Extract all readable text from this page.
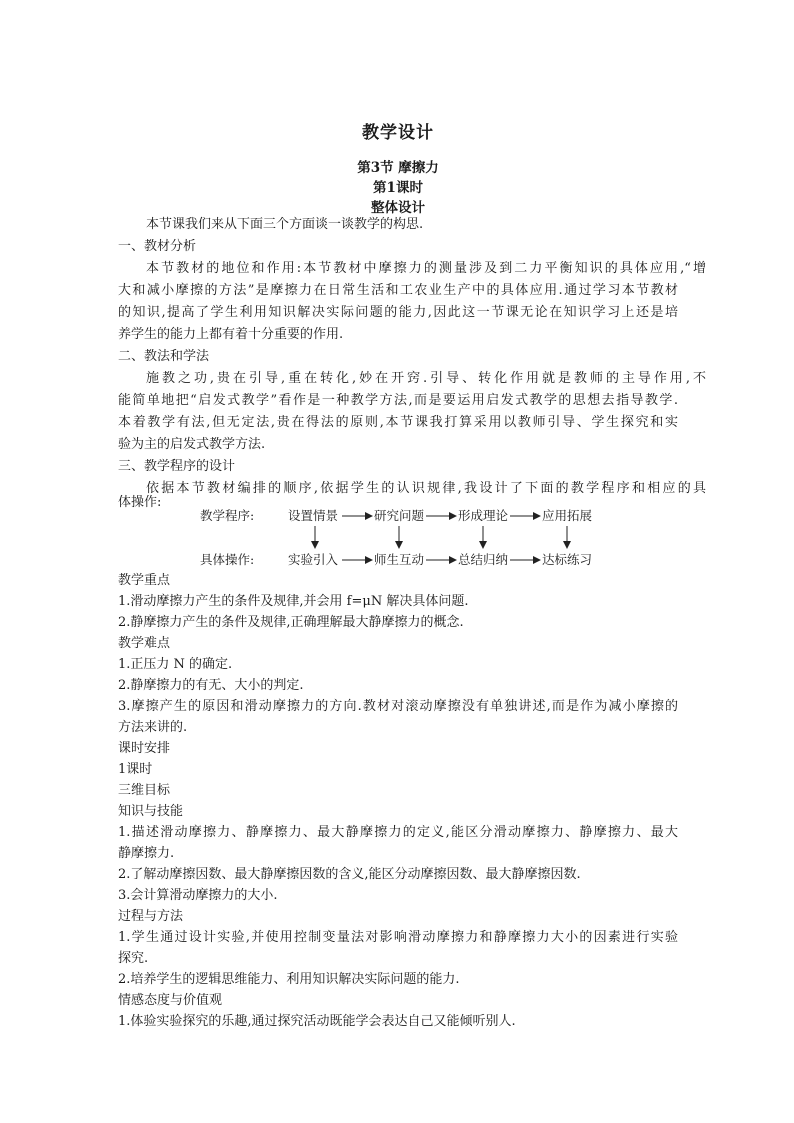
教学设计
第3节 摩擦力
第1课时
整体设计
本节课我们来从下面三个方面谈一谈教学的构思.
一、教材分析
本节教材的地位和作用:本节教材中摩擦力的测量涉及到二力平衡知识的具体应用,“增
大和减小摩擦的方法”是摩擦力在日常生活和工农业生产中的具体应用.通过学习本节教材
的知识,提高了学生利用知识解决实际问题的能力,因此这一节课无论在知识学习上还是培
养学生的能力上都有着十分重要的作用.
二、教法和学法
施教之功,贵在引导,重在转化,妙在开窍.引导、转化作用就是教师的主导作用,不
能简单地把“启发式教学”看作是一种教学方法,而是要运用启发式教学的思想去指导教学.
本着教学有法,但无定法,贵在得法的原则,本节课我打算采用以教师引导、学生探究和实
验为主的启发式教学方法.
三、教学程序的设计
依据本节教材编排的顺序,依据学生的认识规律,我设计了下面的教学程序和相应的具
体操作:
教学程序:	设置情景	研究问题	形成理论	应用拓展
具体操作:	实验引入	师生互动	总结归纳	达标练习
教学重点
1.滑动摩擦力产生的条件及规律,并会用 f=μN 解决具体问题.
2.静摩擦力产生的条件及规律,正确理解最大静摩擦力的概念.
教学难点
1.正压力 N 的确定.
2.静摩擦力的有无、大小的判定.
3.摩擦产生的原因和滑动摩擦力的方向.教材对滚动摩擦没有单独讲述,而是作为减小摩擦的
方法来讲的.
课时安排
1课时
三维目标
知识与技能
1.描述滑动摩擦力、静摩擦力、最大静摩擦力的定义,能区分滑动摩擦力、静摩擦力、最大
静摩擦力.
2.了解动摩擦因数、最大静摩擦因数的含义,能区分动摩擦因数、最大静摩擦因数.
3.会计算滑动摩擦力的大小.
过程与方法
1.学生通过设计实验,并使用控制变量法对影响滑动摩擦力和静摩擦力大小的因素进行实验
探究.
2.培养学生的逻辑思维能力、利用知识解决实际问题的能力.
情感态度与价值观
1.体验实验探究的乐趣,通过探究活动既能学会表达自己又能倾听别人.
